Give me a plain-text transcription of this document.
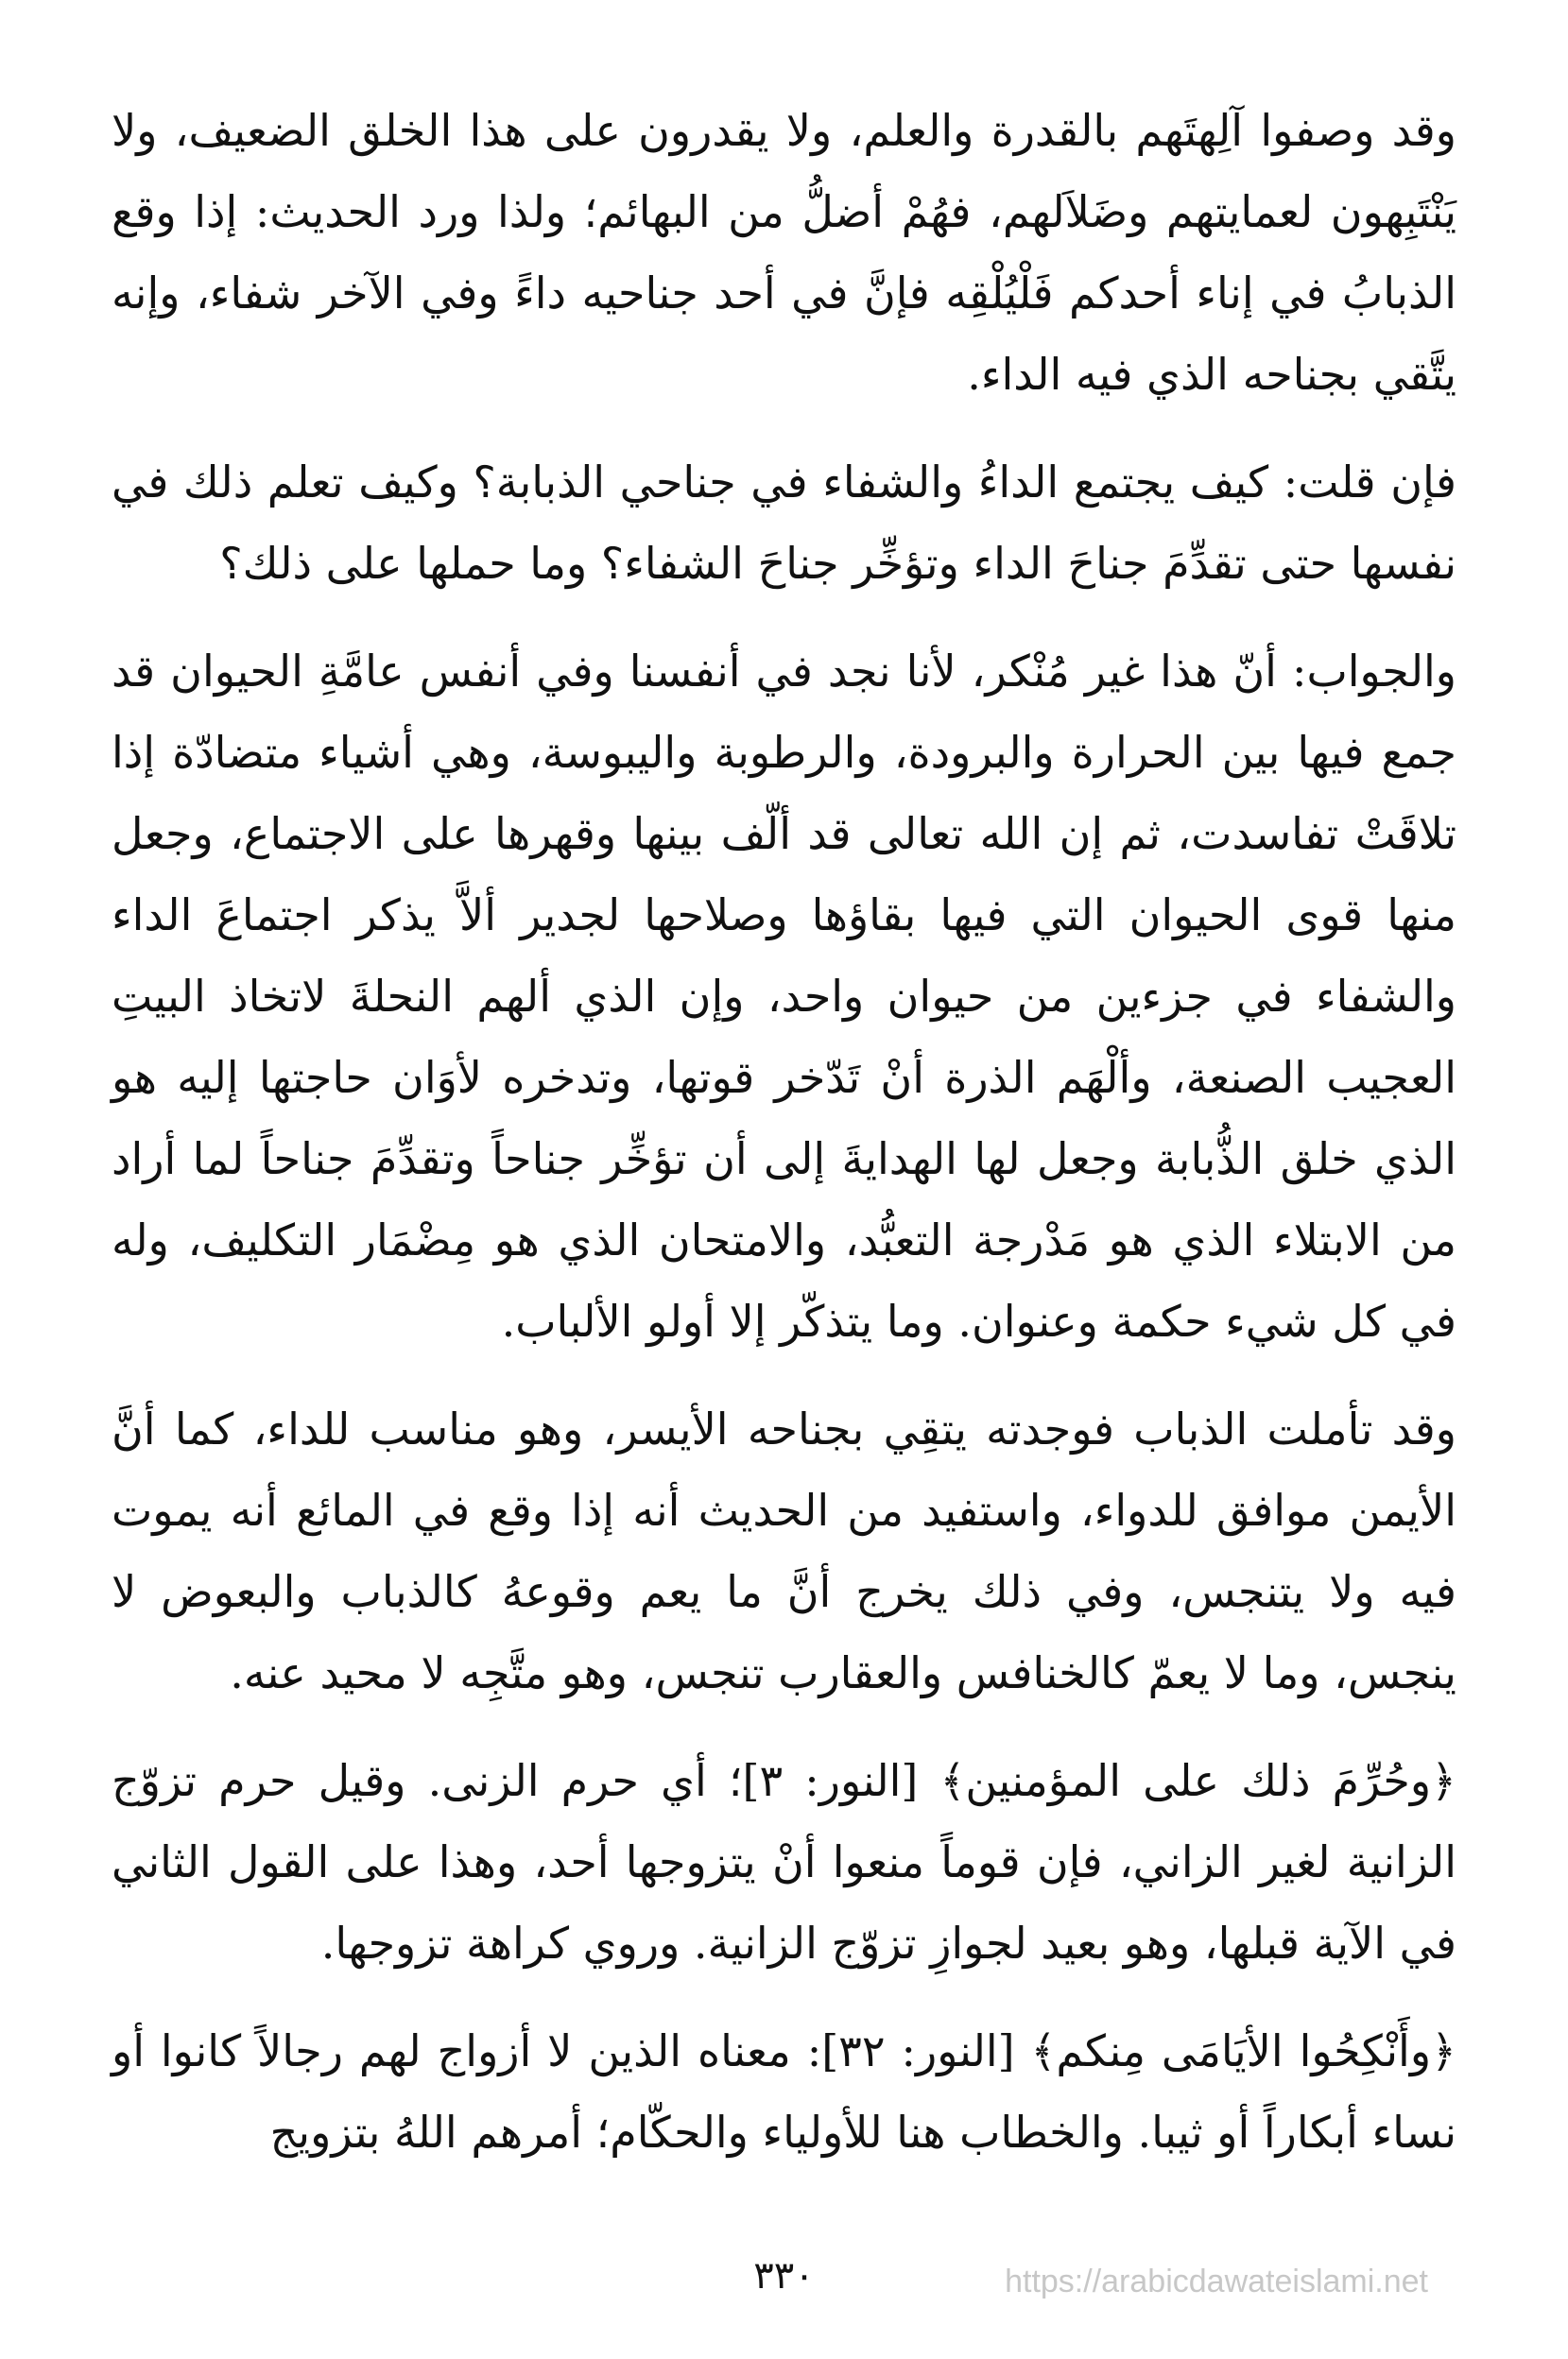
وقد وصفوا آلِهتَهم بالقدرة والعلم، ولا يقدرون على هذا الخلق الضعيف، ولا يَنْتَبِهون لعمايتهم وضَلاَلهم، فهُمْ أضلُّ من البهائم؛ ولذا ورد الحديث: إذا وقع الذبابُ في إناء أحدكم فَلْيُلْقِه فإنَّ في أحد جناحيه داءً وفي الآخر شفاء، وإنه يتَّقي بجناحه الذي فيه الداء.

فإن قلت: كيف يجتمع الداءُ والشفاء في جناحي الذبابة؟ وكيف تعلم ذلك في نفسها حتى تقدِّمَ جناحَ الداء وتؤخِّر جناحَ الشفاء؟ وما حملها على ذلك؟

والجواب: أنّ هذا غير مُنْكر، لأنا نجد في أنفسنا وفي أنفس عامَّةِ الحيوان قد جمع فيها بين الحرارة والبرودة، والرطوبة واليبوسة، وهي أشياء متضادّة إذا تلاقَتْ تفاسدت، ثم إن الله تعالى قد ألّف بينها وقهرها على الاجتماع، وجعل منها قوى الحيوان التي فيها بقاؤها وصلاحها لجدير ألاَّ يذكر اجتماعَ الداء والشفاء في جزءين من حيوان واحد، وإن الذي ألهم النحلةَ لاتخاذ البيتِ العجيب الصنعة، وألْهَم الذرة أنْ تَدّخر قوتها، وتدخره لأوَان حاجتها إليه هو الذي خلق الذُّبابة وجعل لها الهدايةَ إلى أن تؤخِّر جناحاً وتقدِّمَ جناحاً لما أراد من الابتلاء الذي هو مَدْرجة التعبُّد، والامتحان الذي هو مِضْمَار التكليف، وله في كل شيء حكمة وعنوان. وما يتذكّر إلا أولو الألباب.

وقد تأملت الذباب فوجدته يتقِي بجناحه الأيسر، وهو مناسب للداء، كما أنَّ الأيمن موافق للدواء، واستفيد من الحديث أنه إذا وقع في المائع أنه يموت فيه ولا يتنجس، وفي ذلك يخرج أنَّ ما يعم وقوعهُ كالذباب والبعوض لا ينجس، وما لا يعمّ كالخنافس والعقارب تنجس، وهو متَّجِه لا محيد عنه.

﴿وحُرِّمَ ذلك على المؤمنين﴾ [النور: ٣]؛ أي حرم الزنى. وقيل حرم تزوّج الزانية لغير الزاني، فإن قوماً منعوا أنْ يتزوجها أحد، وهذا على القول الثاني في الآية قبلها، وهو بعيد لجوازِ تزوّج الزانية. وروي كراهة تزوجها.

﴿وأَنْكِحُوا الأيَامَى مِنكم﴾ [النور: ٣٢]: معناه الذين لا أزواج لهم رجالاً كانوا أو نساء أبكاراً أو ثيبا. والخطاب هنا للأولياء والحكّام؛ أمرهم اللهُ بتزويج

٣٣٠	https://arabicdawateislami.net
